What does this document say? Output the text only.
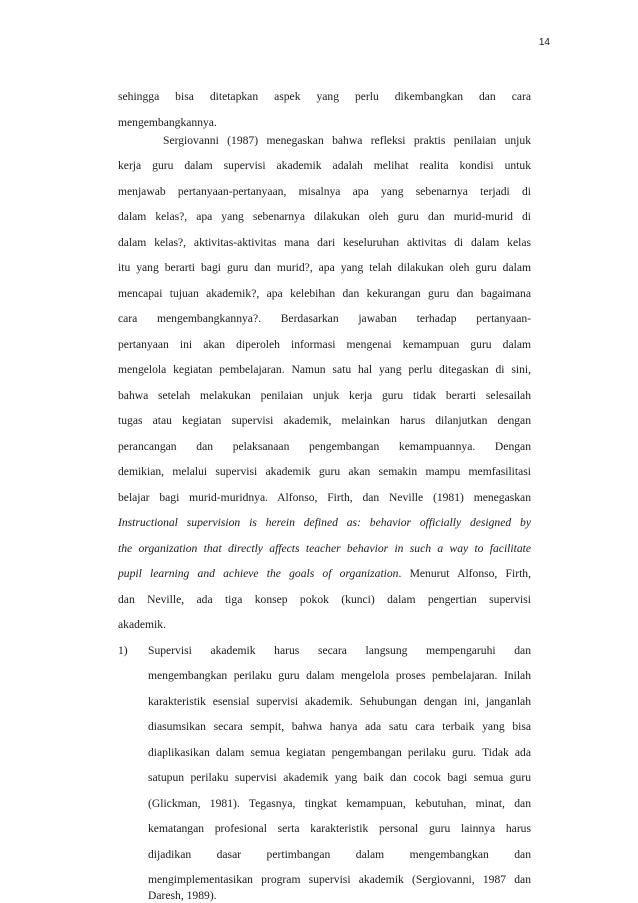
14
sehingga bisa ditetapkan aspek yang perlu dikembangkan dan cara
mengembangkannya.
Sergiovanni (1987) menegaskan bahwa refleksi praktis penilaian unjuk
kerja guru dalam supervisi akademik adalah melihat realita kondisi untuk
menjawab pertanyaan-pertanyaan, misalnya apa yang sebenarnya terjadi di
dalam kelas?, apa yang sebenarnya dilakukan oleh guru dan murid-murid di
dalam kelas?, aktivitas-aktivitas mana dari keseluruhan aktivitas di dalam kelas
itu yang berarti bagi guru dan murid?, apa yang telah dilakukan oleh guru dalam
mencapai tujuan akademik?, apa kelebihan dan kekurangan guru dan bagaimana
cara mengembangkannya?. Berdasarkan jawaban terhadap pertanyaan-
pertanyaan ini akan diperoleh informasi mengenai kemampuan guru dalam
mengelola kegiatan pembelajaran. Namun satu hal yang perlu ditegaskan di sini,
bahwa setelah melakukan penilaian unjuk kerja guru tidak berarti selesailah
tugas atau kegiatan supervisi akademik, melainkan harus dilanjutkan dengan
perancangan dan pelaksanaan pengembangan kemampuannya. Dengan
demikian, melalui supervisi akademik guru akan semakin mampu memfasilitasi
belajar bagi murid-muridnya. Alfonso, Firth, dan Neville (1981) menegaskan
Instructional supervision is herein defined as: behavior officially designed by
the organization that directly affects teacher behavior in such a way to facilitate
pupil learning and achieve the goals of organization. Menurut Alfonso, Firth,
dan Neville, ada tiga konsep pokok (kunci) dalam pengertian supervisi
akademik.
1) Supervisi akademik harus secara langsung mempengaruhi dan
mengembangkan perilaku guru dalam mengelola proses pembelajaran. Inilah
karakteristik esensial supervisi akademik. Sehubungan dengan ini, janganlah
diasumsikan secara sempit, bahwa hanya ada satu cara terbaik yang bisa
diaplikasikan dalam semua kegiatan pengembangan perilaku guru. Tidak ada
satupun perilaku supervisi akademik yang baik dan cocok bagi semua guru
(Glickman, 1981). Tegasnya, tingkat kemampuan, kebutuhan, minat, dan
kematangan profesional serta karakteristik personal guru lainnya harus
dijadikan dasar pertimbangan dalam mengembangkan dan
mengimplementasikan program supervisi akademik (Sergiovanni, 1987 dan
Daresh, 1989).
